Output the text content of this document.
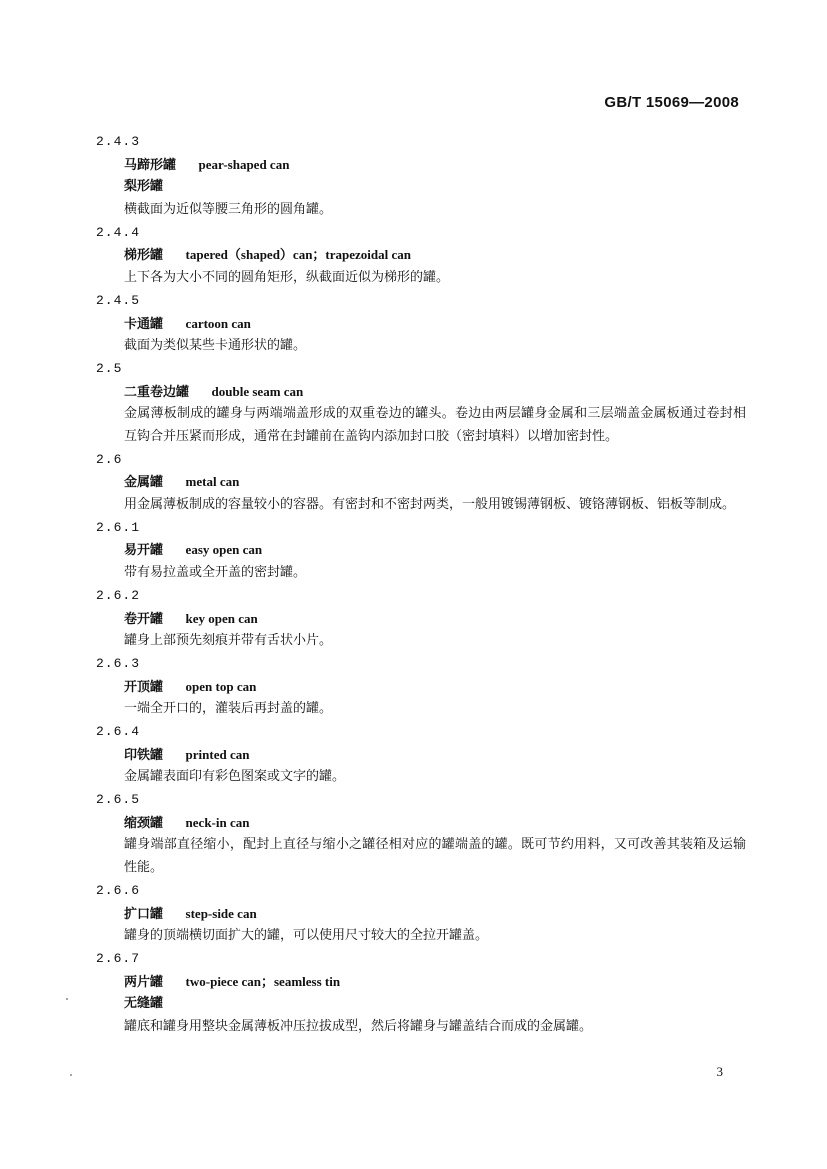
GB/T 15069—2008
2.4.3
马蹄形罐 pear-shaped can
梨形罐
横截面为近似等腰三角形的圆角罐。
2.4.4
梯形罐 tapered（shaped）can；trapezoidal can
上下各为大小不同的圆角矩形，纵截面近似为梯形的罐。
2.4.5
卡通罐 cartoon can
截面为类似某些卡通形状的罐。
2.5
二重卷边罐 double seam can
金属薄板制成的罐身与两端端盖形成的双重卷边的罐头。卷边由两层罐身金属和三层端盖金属板通过卷封相互钩合并压紧而形成，通常在封罐前在盖钩内添加封口胶（密封填料）以增加密封性。
2.6
金属罐 metal can
用金属薄板制成的容量较小的容器。有密封和不密封两类，一般用镀锡薄钢板、镀铬薄钢板、铝板等制成。
2.6.1
易开罐 easy open can
带有易拉盖或全开盖的密封罐。
2.6.2
卷开罐 key open can
罐身上部预先刻痕并带有舌状小片。
2.6.3
开顶罐 open top can
一端全开口的，灌装后再封盖的罐。
2.6.4
印铁罐 printed can
金属罐表面印有彩色图案或文字的罐。
2.6.5
缩颈罐 neck-in can
罐身端部直径缩小，配封上直径与缩小之罐径相对应的罐端盖的罐。既可节约用料，又可改善其装箱及运输性能。
2.6.6
扩口罐 step-side can
罐身的顶端横切面扩大的罐，可以使用尺寸较大的全拉开罐盖。
2.6.7
两片罐 two-piece can；seamless tin
无缝罐
罐底和罐身用整块金属薄板冲压拉拔成型，然后将罐身与罐盖结合而成的金属罐。
3
